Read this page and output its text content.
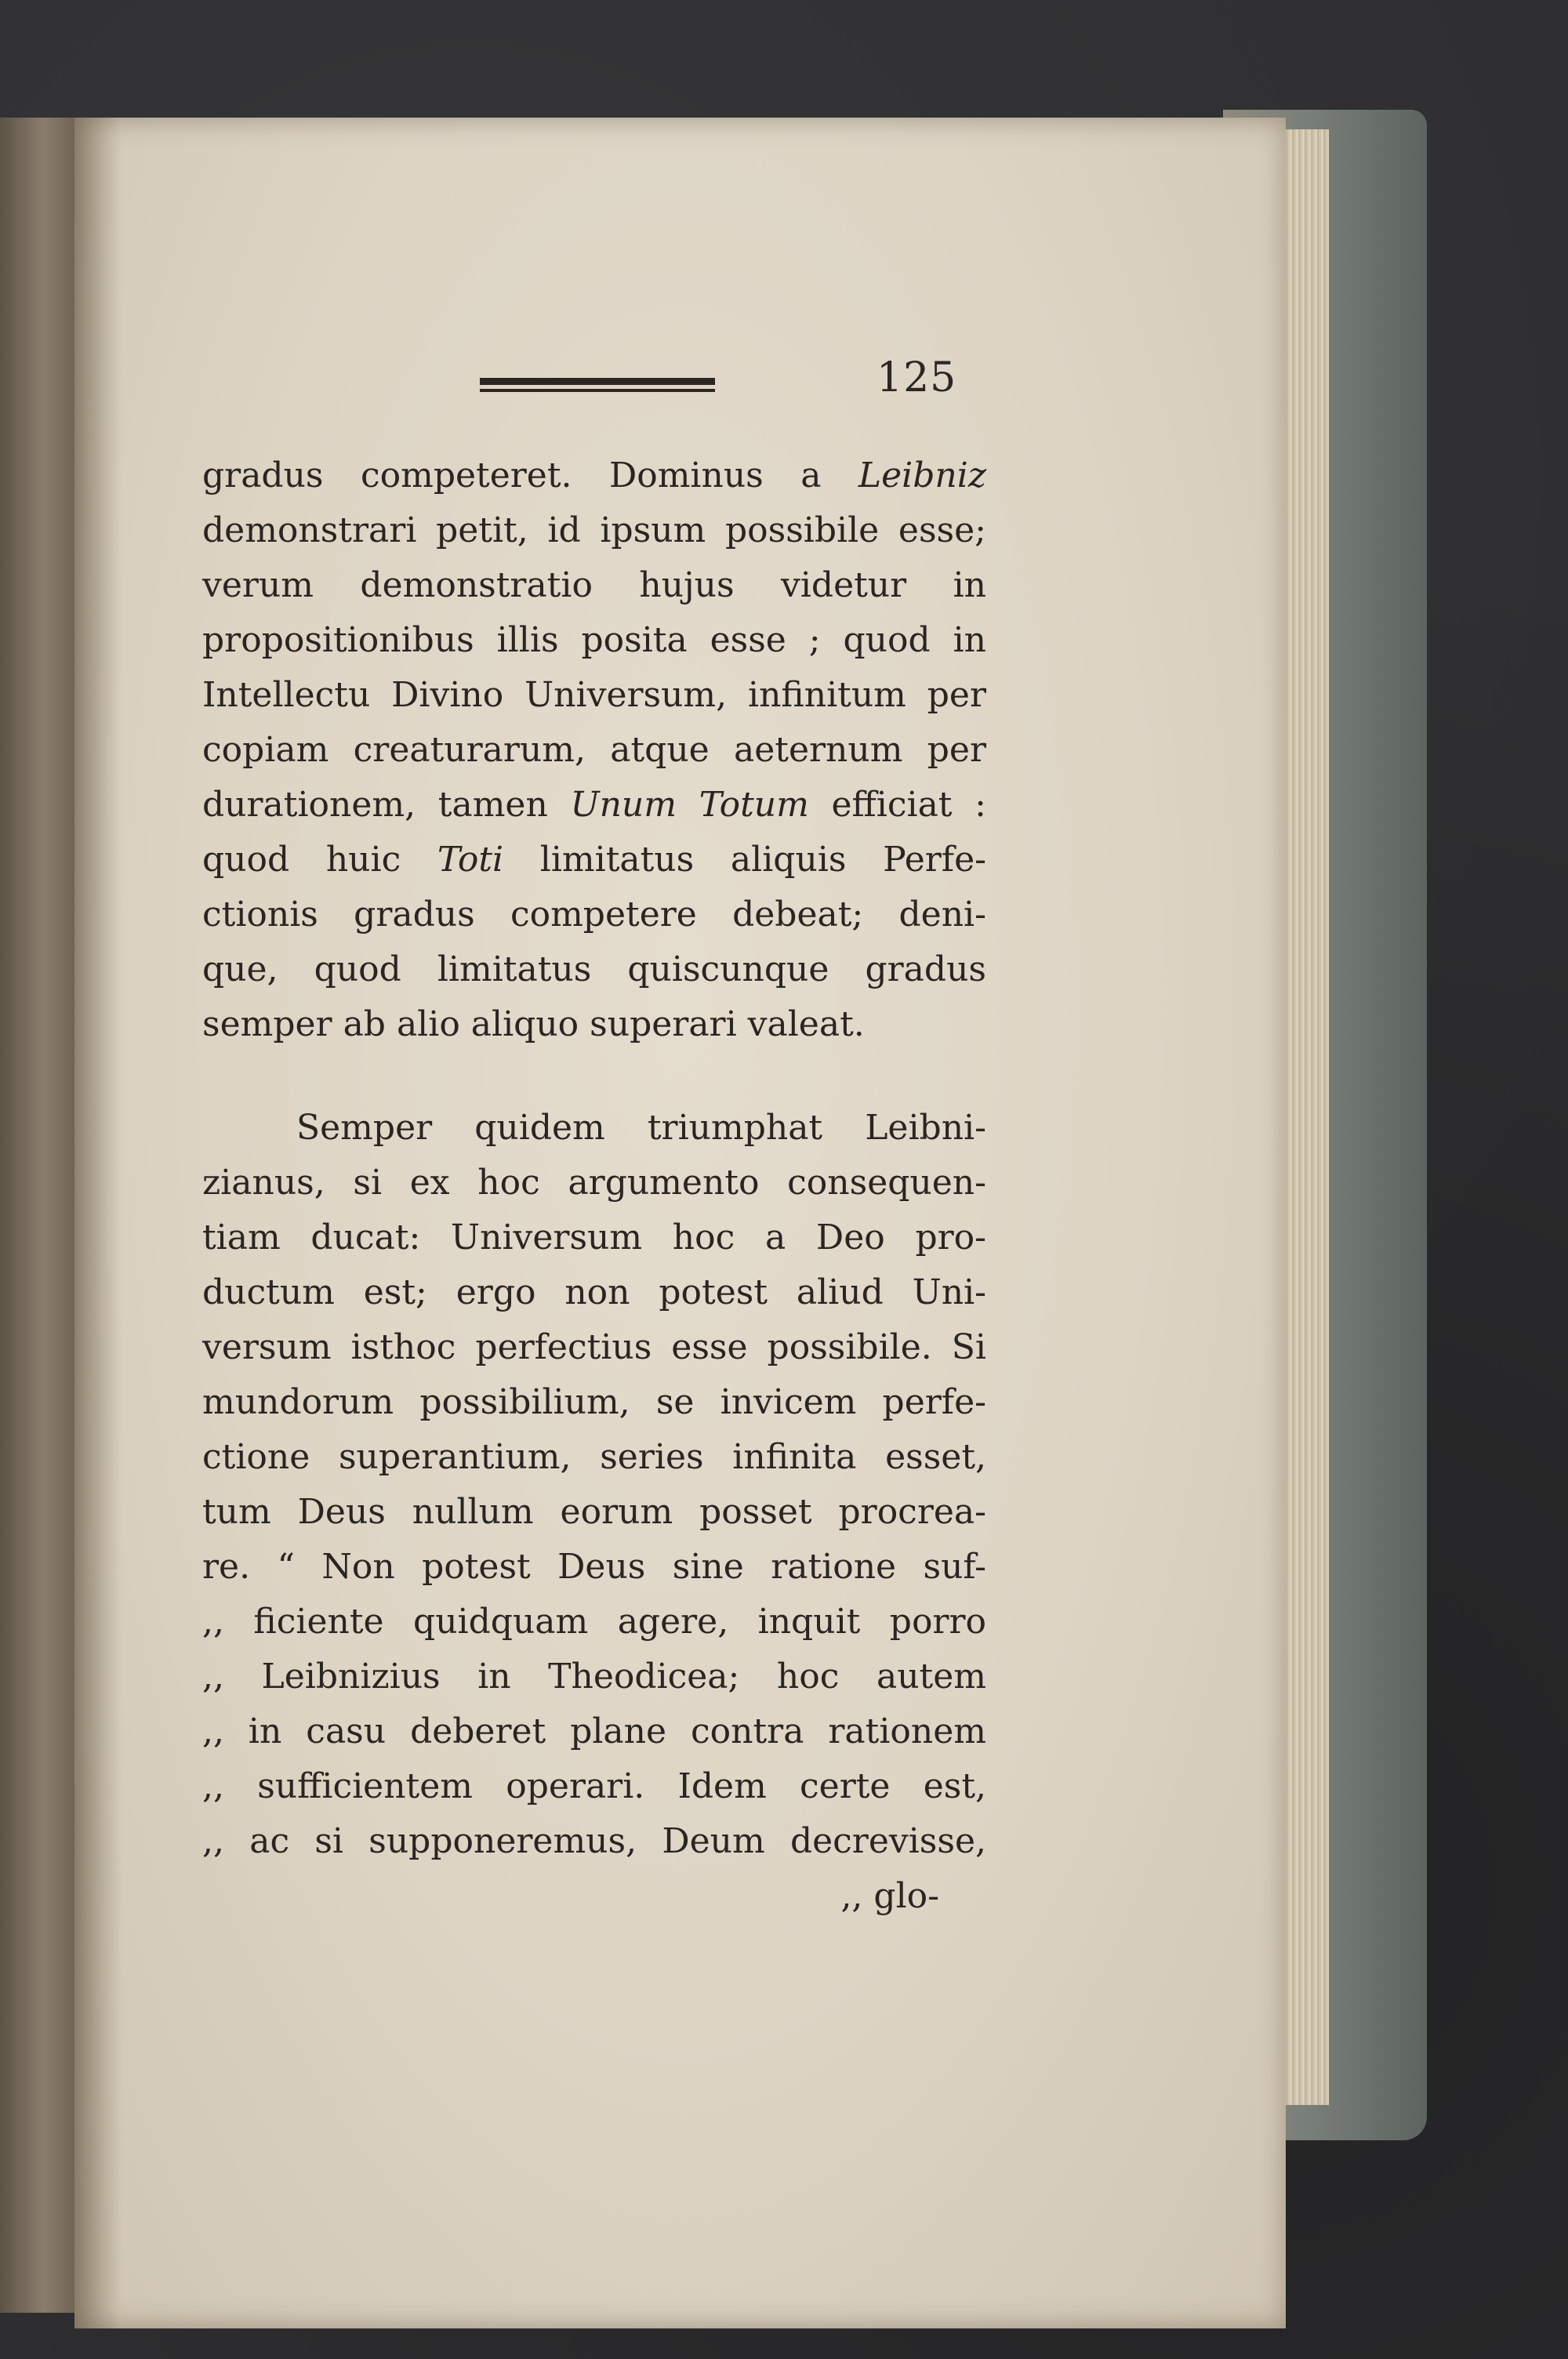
125
gradus competeret. Dominus a Leibniz
demonstrari petit, id ipsum possibile esse;
verum demonstratio hujus videtur in
propositionibus illis posita esse ; quod in
Intellectu Divino Universum, infinitum per
copiam creaturarum, atque aeternum per
durationem, tamen Unum Totum efficiat :
quod huic Toti limitatus aliquis Perfe-
ctionis gradus competere debeat; deni-
que, quod limitatus quiscunque gradus
semper ab alio aliquo superari valeat.
Semper quidem triumphat Leibni-
zianus, si ex hoc argumento consequen-
tiam ducat: Universum hoc a Deo pro-
ductum est; ergo non potest aliud Uni-
versum isthoc perfectius esse possibile. Si
mundorum possibilium, se invicem perfe-
ctione superantium, series infinita esset,
tum Deus nullum eorum posset procrea-
re. “ Non potest Deus sine ratione suf-
,, ficiente quidquam agere, inquit porro
,, Leibnizius in Theodicea; hoc autem
,, in casu deberet plane contra rationem
,, sufficientem operari. Idem certe est,
,, ac si supponeremus, Deum decrevisse,
,, glo-
